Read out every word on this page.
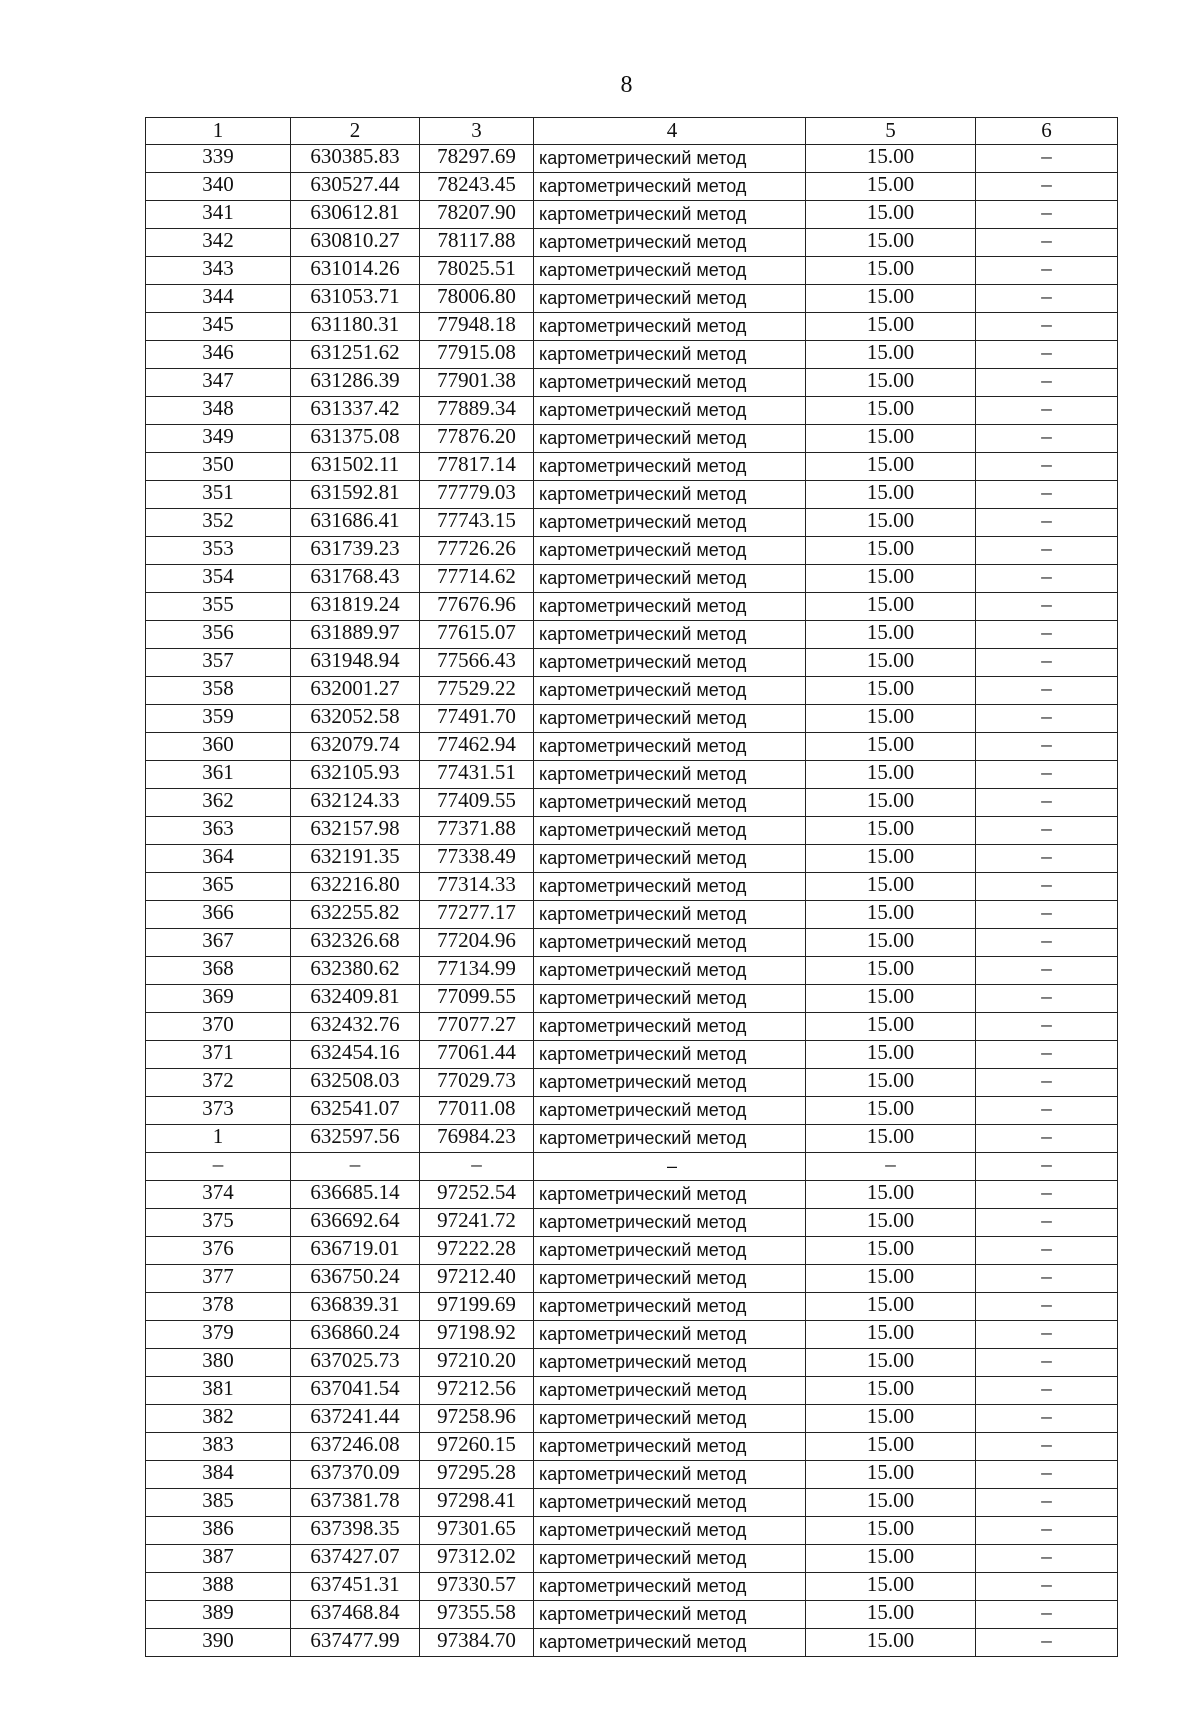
8
1	2	3	4	5	6
339	630385.83	78297.69	картометрический метод	15.00	–
340	630527.44	78243.45	картометрический метод	15.00	–
341	630612.81	78207.90	картометрический метод	15.00	–
342	630810.27	78117.88	картометрический метод	15.00	–
343	631014.26	78025.51	картометрический метод	15.00	–
344	631053.71	78006.80	картометрический метод	15.00	–
345	631180.31	77948.18	картометрический метод	15.00	–
346	631251.62	77915.08	картометрический метод	15.00	–
347	631286.39	77901.38	картометрический метод	15.00	–
348	631337.42	77889.34	картометрический метод	15.00	–
349	631375.08	77876.20	картометрический метод	15.00	–
350	631502.11	77817.14	картометрический метод	15.00	–
351	631592.81	77779.03	картометрический метод	15.00	–
352	631686.41	77743.15	картометрический метод	15.00	–
353	631739.23	77726.26	картометрический метод	15.00	–
354	631768.43	77714.62	картометрический метод	15.00	–
355	631819.24	77676.96	картометрический метод	15.00	–
356	631889.97	77615.07	картометрический метод	15.00	–
357	631948.94	77566.43	картометрический метод	15.00	–
358	632001.27	77529.22	картометрический метод	15.00	–
359	632052.58	77491.70	картометрический метод	15.00	–
360	632079.74	77462.94	картометрический метод	15.00	–
361	632105.93	77431.51	картометрический метод	15.00	–
362	632124.33	77409.55	картометрический метод	15.00	–
363	632157.98	77371.88	картометрический метод	15.00	–
364	632191.35	77338.49	картометрический метод	15.00	–
365	632216.80	77314.33	картометрический метод	15.00	–
366	632255.82	77277.17	картометрический метод	15.00	–
367	632326.68	77204.96	картометрический метод	15.00	–
368	632380.62	77134.99	картометрический метод	15.00	–
369	632409.81	77099.55	картометрический метод	15.00	–
370	632432.76	77077.27	картометрический метод	15.00	–
371	632454.16	77061.44	картометрический метод	15.00	–
372	632508.03	77029.73	картометрический метод	15.00	–
373	632541.07	77011.08	картометрический метод	15.00	–
1	632597.56	76984.23	картометрический метод	15.00	–
–	–	–	–	–	–
374	636685.14	97252.54	картометрический метод	15.00	–
375	636692.64	97241.72	картометрический метод	15.00	–
376	636719.01	97222.28	картометрический метод	15.00	–
377	636750.24	97212.40	картометрический метод	15.00	–
378	636839.31	97199.69	картометрический метод	15.00	–
379	636860.24	97198.92	картометрический метод	15.00	–
380	637025.73	97210.20	картометрический метод	15.00	–
381	637041.54	97212.56	картометрический метод	15.00	–
382	637241.44	97258.96	картометрический метод	15.00	–
383	637246.08	97260.15	картометрический метод	15.00	–
384	637370.09	97295.28	картометрический метод	15.00	–
385	637381.78	97298.41	картометрический метод	15.00	–
386	637398.35	97301.65	картометрический метод	15.00	–
387	637427.07	97312.02	картометрический метод	15.00	–
388	637451.31	97330.57	картометрический метод	15.00	–
389	637468.84	97355.58	картометрический метод	15.00	–
390	637477.99	97384.70	картометрический метод	15.00	–
